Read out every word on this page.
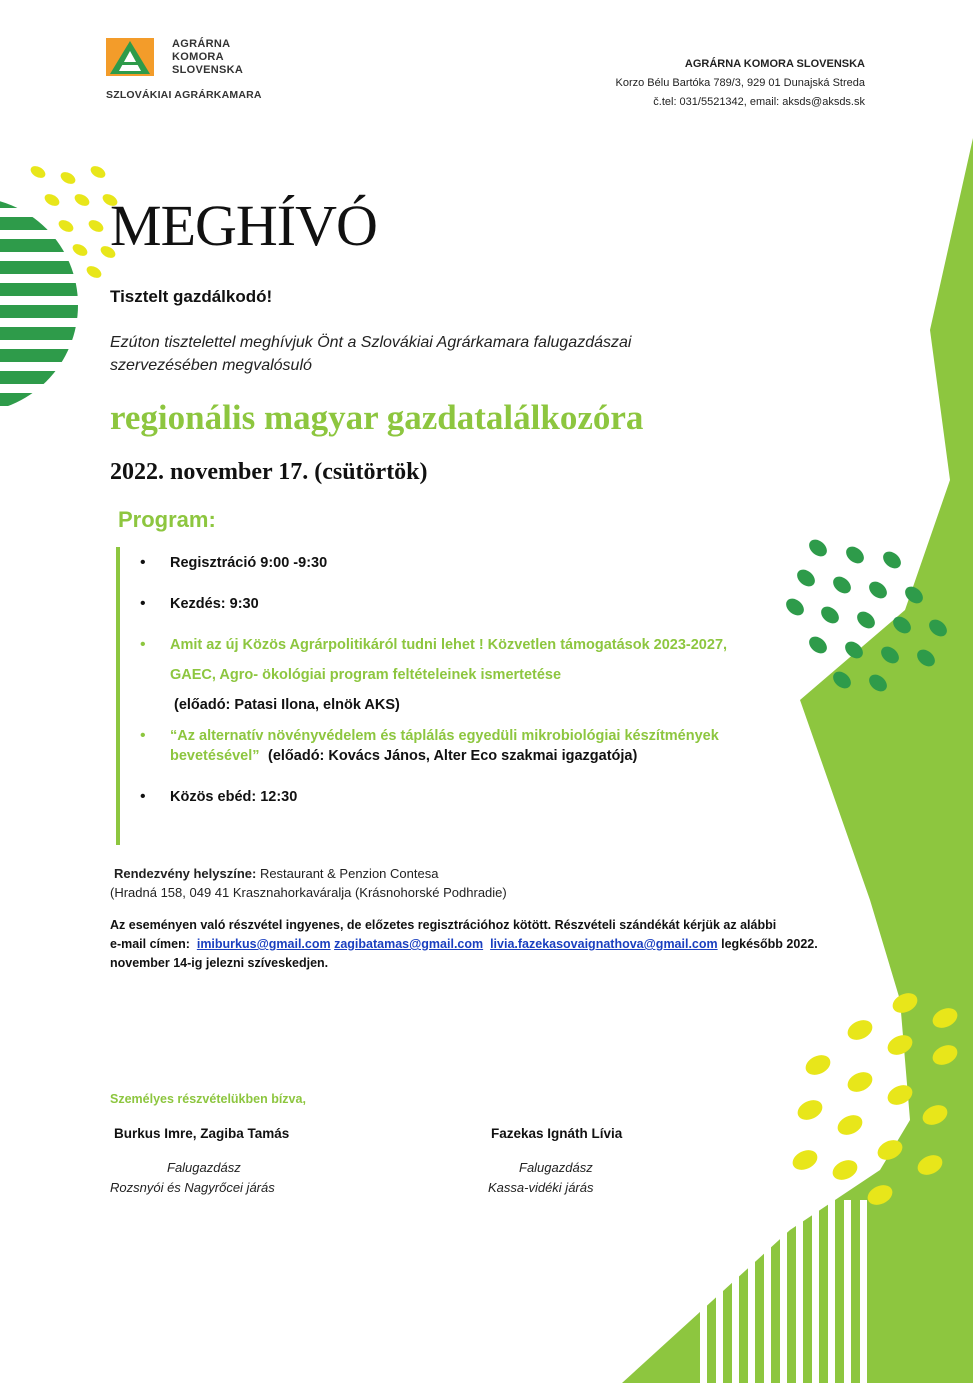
AGRÁRNA
KOMORA
SLOVENSKA
SZLOVÁKIAI AGRÁRKAMARA
AGRÁRNA KOMORA SLOVENSKA
Korzo Bélu Bartóka 789/3, 929 01 Dunajská Streda
č.tel: 031/5521342, email: aksds@aksds.sk
MEGHÍVÓ
Tisztelt gazdálkodó!
Ezúton tisztelettel meghívjuk Önt a Szlovákiai Agrárkamara falugazdászai
szervezésében megvalósuló
regionális magyar gazdatalálkozóra
2022. november 17. (csütörtök)
Program:
• Regisztráció 9:00 -9:30
• Kezdés: 9:30
• Amit az új Közös Agrárpolitikáról tudni lehet ! Közvetlen támogatások 2023-2027,
GAEC, Agro- ökológiai program feltételeinek ismertetése
(előadó: Patasi Ilona, elnök AKS)
• “Az alternatív növényvédelem és táplálás egyedüli mikrobiológiai készítmények
bevetésével” (előadó: Kovács János, Alter Eco szakmai igazgatója)
• Közös ebéd: 12:30
Rendezvény helyszíne: Restaurant & Penzion Contesa
(Hradná 158, 049 41 Krasznahorkaváralja (Krásnohorské Podhradie)
Az eseményen való részvétel ingyenes, de előzetes regisztrációhoz kötött. Részvételi szándékát kérjük az alábbi
e-mail címen: imiburkus@gmail.com zagibatamas@gmail.com livia.fazekasovaignathova@gmail.com legkésőbb 2022.
november 14-ig jelezni szíveskedjen.
Személyes részvételükben bízva,
Burkus Imre, Zagiba Tamás
Falugazdász
Rozsnyói és Nagyrőcei járás
Fazekas Ignáth Lívia
Falugazdász
Kassa-vidéki járás
